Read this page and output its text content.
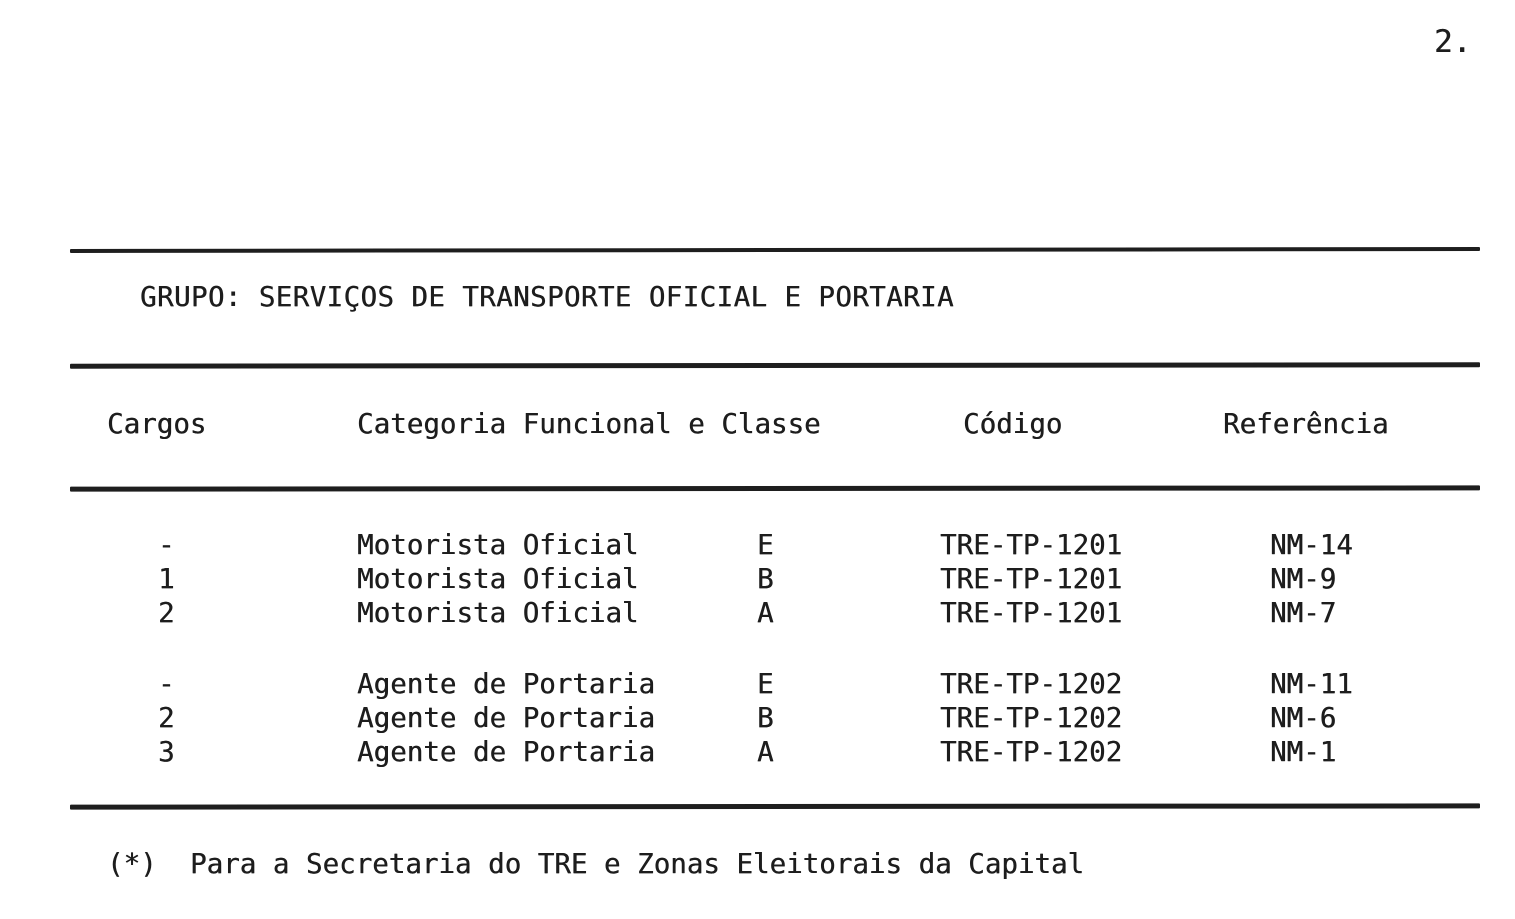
2.
GRUPO: SERVIÇOS DE TRANSPORTE OFICIAL E PORTARIA
Cargos	Categoria Funcional e Classe	Código	Referência
-	Motorista Oficial	E	TRE-TP-1201	NM-14
1	Motorista Oficial	B	TRE-TP-1201	NM-9
2	Motorista Oficial	A	TRE-TP-1201	NM-7
-	Agente de Portaria	E	TRE-TP-1202	NM-11
2	Agente de Portaria	B	TRE-TP-1202	NM-6
3	Agente de Portaria	A	TRE-TP-1202	NM-1
(*) Para a Secretaria do TRE e Zonas Eleitorais da Capital
